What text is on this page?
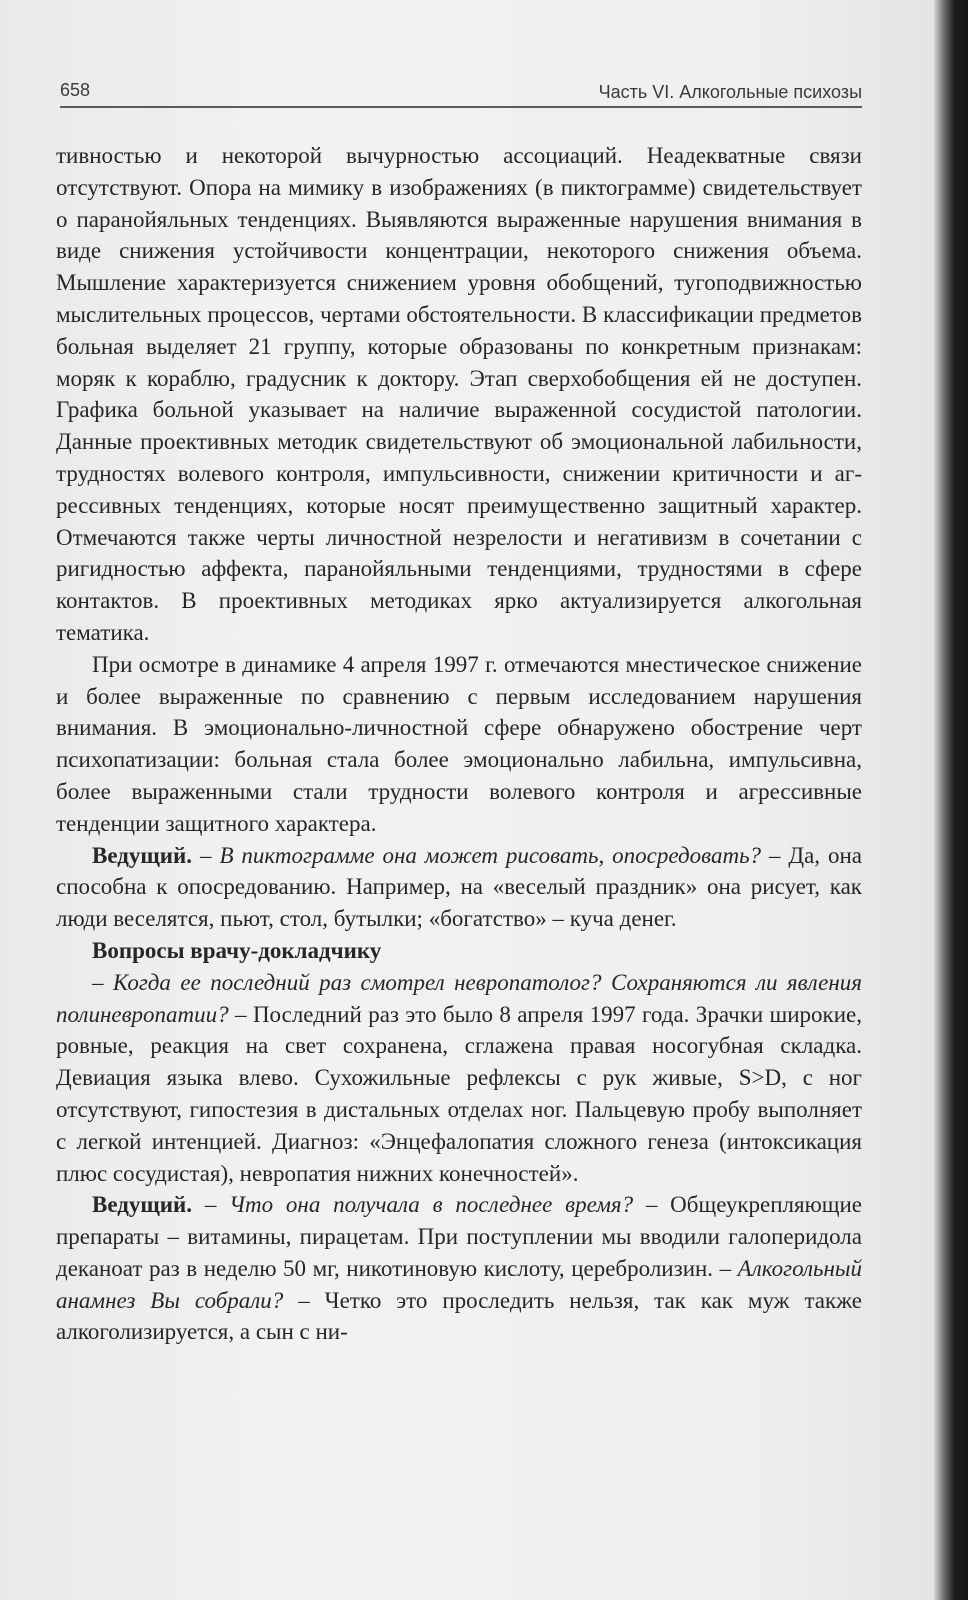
658	Часть VI. Алкогольные психозы

тивностью и некоторой вычурностью ассоциаций. Неадекватные связи отсутствуют. Опора на мимику в изображениях (в пиктограмме) свидетельствует о паранойяльных тенденциях. Выявляются выраженные нарушения внимания в виде снижения устойчивости концентрации, некоторого снижения объема. Мышление характеризуется снижением уровня обобщений, тугоподвижностью мыслительных процессов, чертами обстоятельности. В классификации предметов больная выделяет 21 группу, которые образованы по конкретным признакам: моряк к кораблю, градусник к доктору. Этап сверхобобщения ей не доступен. Графика больной указывает на наличие выраженной сосудистой патологии. Данные проективных методик свидетельствуют об эмоциональной лабильности, трудностях волевого контроля, импульсивности, снижении критичности и агрессивных тенденциях, которые носят преимущественно защитный характер. Отмечаются также черты личностной незрелости и негативизм в сочетании с ригидностью аффекта, паранойяльными тенденциями, трудностями в сфере контактов. В проективных методиках ярко актуализируется алкогольная тематика.

При осмотре в динамике 4 апреля 1997 г. отмечаются мнестическое снижение и более выраженные по сравнению с первым исследованием нарушения внимания. В эмоционально-личностной сфере обнаружено обострение черт психопатизации: больная стала более эмоционально лабильна, импульсивна, более выраженными стали трудности волевого контроля и агрессивные тенденции защитного характера.

Ведущий. – В пиктограмме она может рисовать, опосредовать? – Да, она способна к опосредованию. Например, на «веселый праздник» она рисует, как люди веселятся, пьют, стол, бутылки; «богатство» – куча денег.

Вопросы врачу-докладчику

– Когда ее последний раз смотрел невропатолог? Сохраняются ли явления полиневропатии? – Последний раз это было 8 апреля 1997 года. Зрачки широкие, ровные, реакция на свет сохранена, сглажена правая носогубная складка. Девиация языка влево. Сухожильные рефлексы с рук живые, S>D, с ног отсутствуют, гипостезия в дистальных отделах ног. Пальцевую пробу выполняет с легкой интенцией. Диагноз: «Энцефалопатия сложного генеза (интоксикация плюс сосудистая), невропатия нижних конечностей».

Ведущий. – Что она получала в последнее время? – Общеукрепляющие препараты – витамины, пирацетам. При поступлении мы вводили галоперидола деканоат раз в неделю 50 мг, никотиновую кислоту, церебролизин. – Алкогольный анамнез Вы собрали? – Четко это проследить нельзя, так как муж также алкоголизируется, а сын с ни-
